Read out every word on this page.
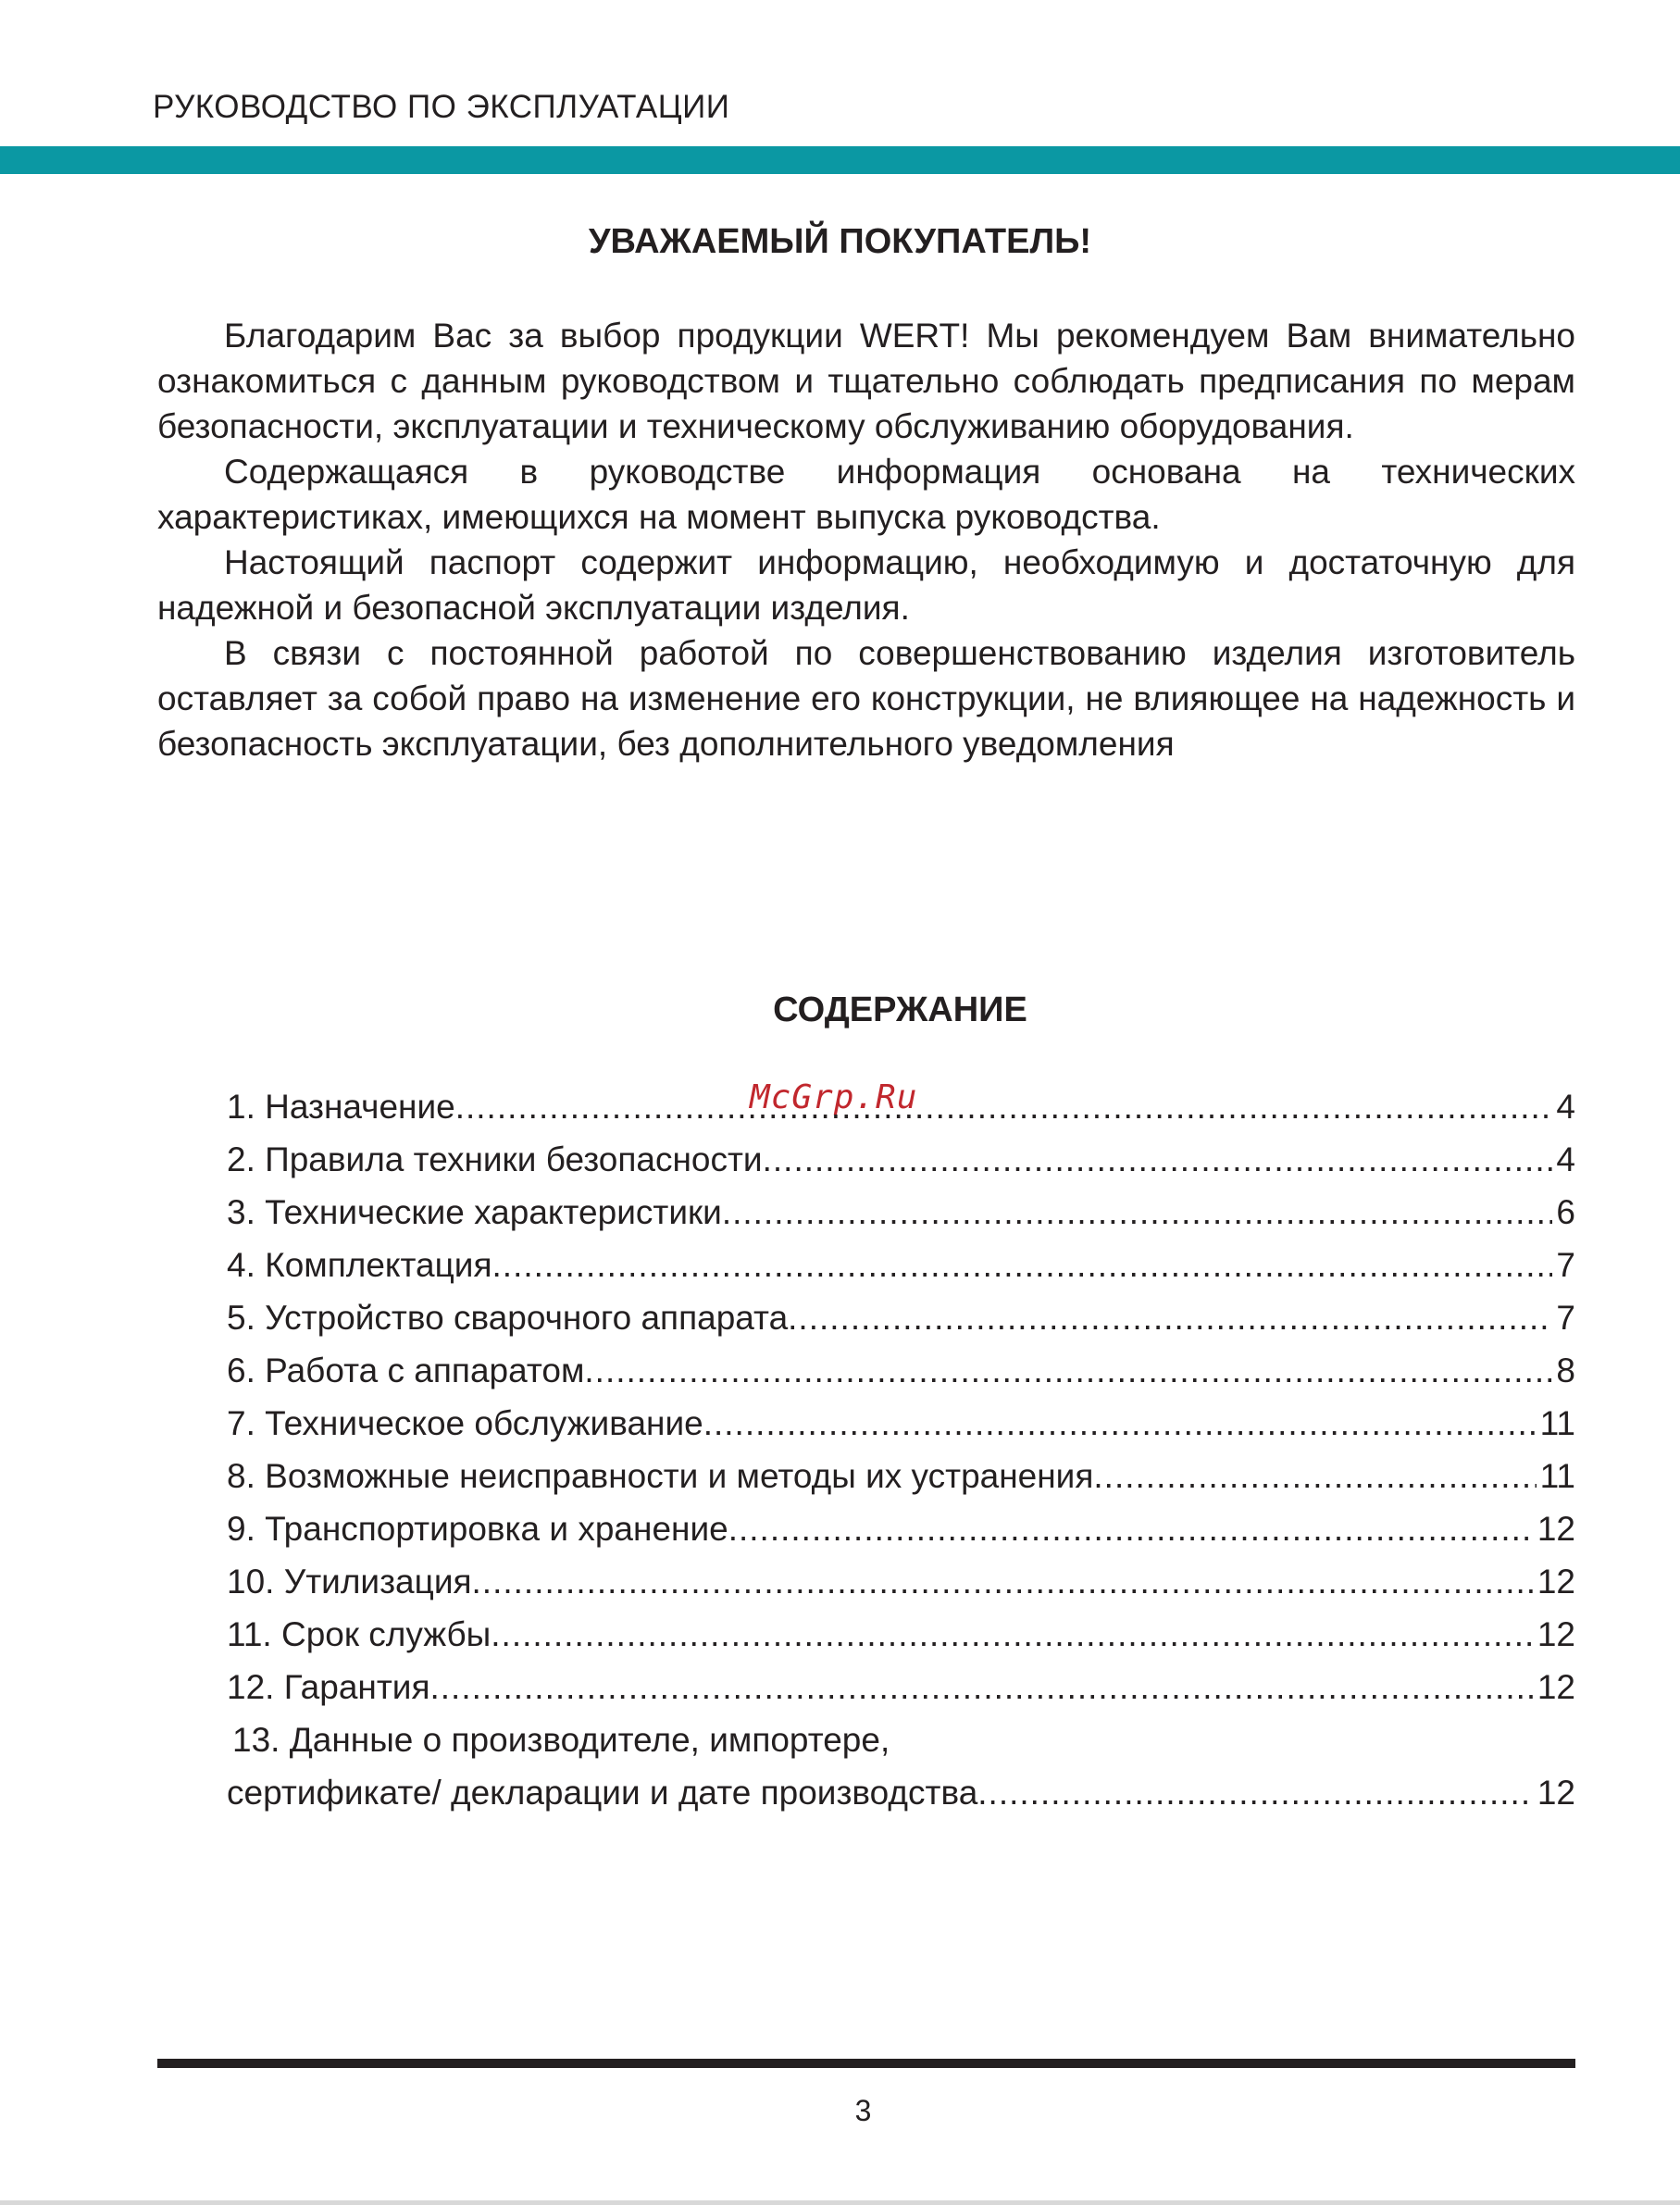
РУКОВОДСТВО ПО ЭКСПЛУАТАЦИИ
УВАЖАЕМЫЙ ПОКУПАТЕЛЬ!

Благодарим Вас за выбор продукции WERT! Мы рекомендуем Вам внимательно ознакомиться с данным руководством и тщательно соблюдать предписания по мерам безопасности, эксплуатации и техническому обслуживанию оборудования.

Содержащаяся в руководстве информация основана на технических характеристиках, имеющихся на момент выпуска руководства.

Настоящий паспорт содержит информацию, необходимую и достаточную для надежной и безопасной эксплуатации изделия.

В связи с постоянной работой по совершенствованию изделия изготовитель оставляет за собой право на изменение его конструкции, не влияющее на надежность и безопасность эксплуатации, без дополнительного уведомления

СОДЕРЖАНИЕ
McGrp.Ru
1. Назначение .....	4
2. Правила техники безопасности .....	4
3. Технические характеристики .....	6
4. Комплектация .....	7
5. Устройство сварочного аппарата .....	7
6. Работа с аппаратом .....	8
7. Техническое обслуживание .....	11
8. Возможные неисправности и методы их устранения .....	11
9. Транспортировка и хранение .....	12
10. Утилизация .....	12
11. Срок службы .....	12
12. Гарантия .....	12
13. Данные о производителе, импортере,
сертификате/ декларации и дате производства .....	12
3
